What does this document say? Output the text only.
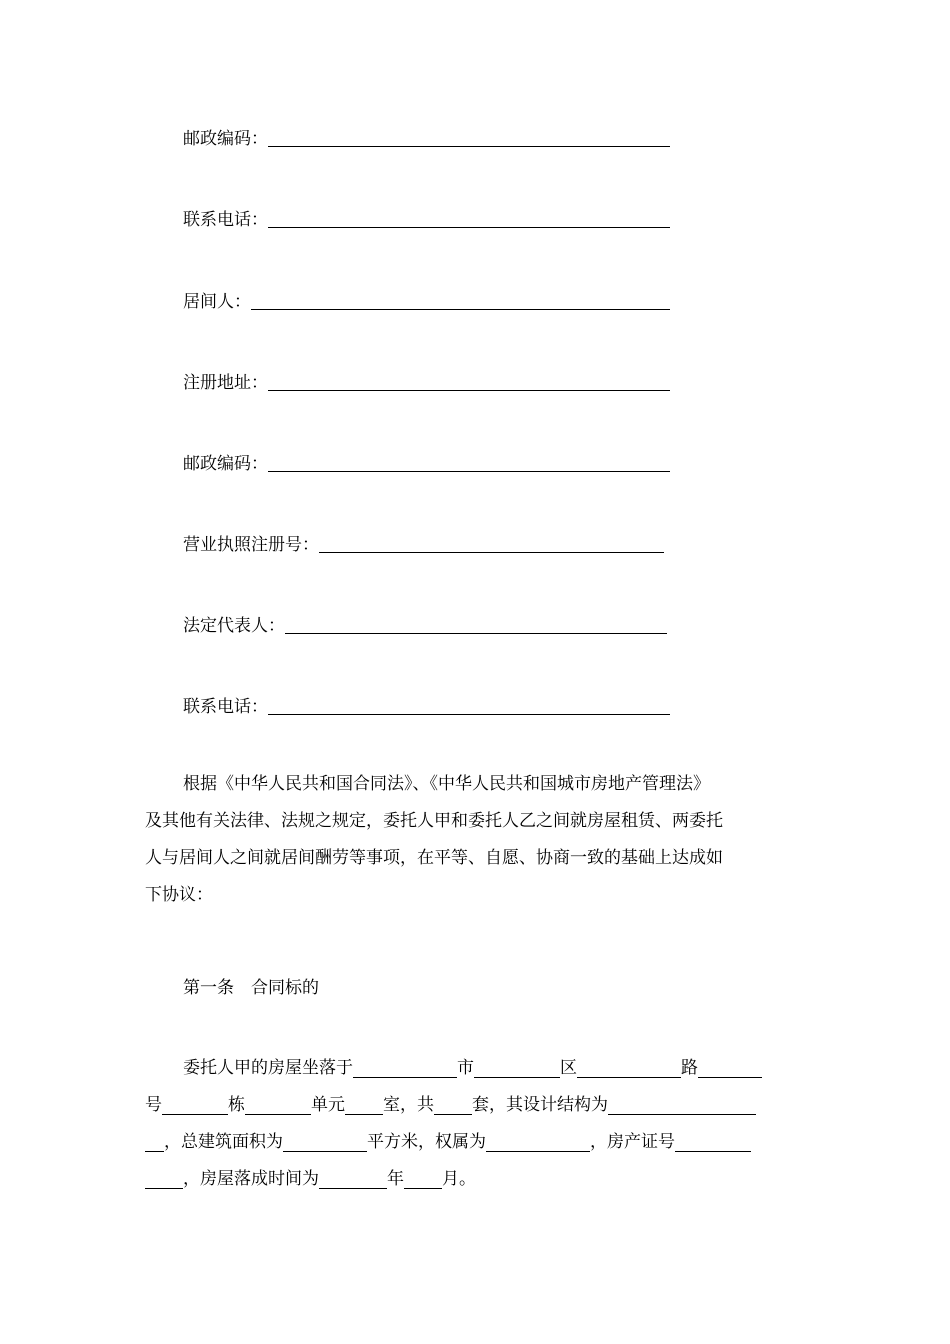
邮政编码：
联系电话：
居间人：
注册地址：
邮政编码：
营业执照注册号：
法定代表人：
联系电话：
根据《中华人民共和国合同法》、《中华人民共和国城市房地产管理法》
及其他有关法律、法规之规定，委托人甲和委托人乙之间就房屋租赁、两委托
人与居间人之间就居间酬劳等事项，在平等、自愿、协商一致的基础上达成如
下协议：
第一条　合同标的
委托人甲的房屋坐落于	市	区	路
号	栋	单元 室，共 套，其设计结构为
，总建筑面积为	平方米，权属为	，房产证号
，房屋落成时间为	年 月。
